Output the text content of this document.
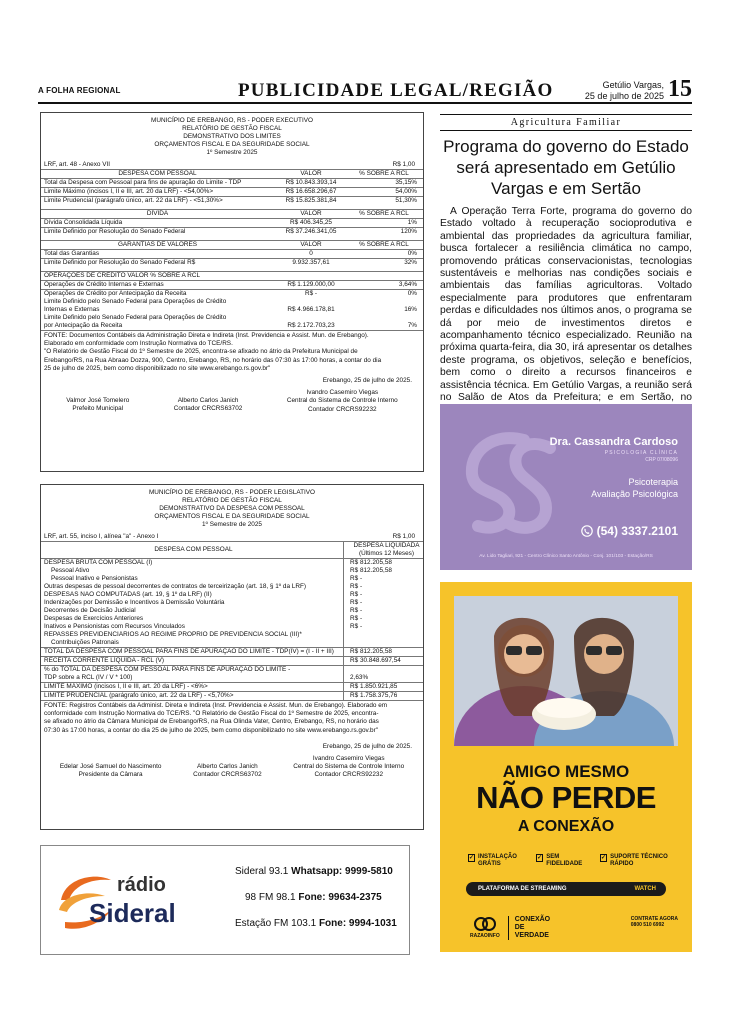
A FOLHA REGIONAL	PUBLICIDADE LEGAL/REGIÃO	Getúlio Vargas,
25 de julho de 2025 15
MUNICÍPIO DE EREBANGO, RS - PODER EXECUTIVO
RELATÓRIO DE GESTÃO FISCAL
DEMONSTRATIVO DOS LIMITES
ORÇAMENTOS FISCAL E DA SEGURIDADE SOCIAL
1º Semestre 2025
LRF, art. 48 - Anexo VII	R$ 1,00
DESPESA COM PESSOAL	VALOR	% SOBRE A RCL
Total da Despesa com Pessoal para fins de apuração do Limite - TDP	R$ 10.843.393,14	35,15%
Limite Máximo (incisos I, II e III, art. 20 da LRF) - <54,00%>	R$ 16.658.296,67	54,00%
Limite Prudencial (parágrafo único, art. 22 da LRF) - <51,30%>	R$ 15.825.381,84	51,30%
DÍVIDA	VALOR	% SOBRE A RCL
Dívida Consolidada Líquida	R$ 406.345,25	1%
Limite Definido por Resolução do Senado Federal	R$ 37.246.341,05	120%
GARANTIAS DE VALORES	VALOR	% SOBRE A RCL
Total das Garantias	0	0%
Limite Definido por Resolução do Senado Federal R$	9.932.357,61	32%
OPERAÇÕES DE CRÉDITO VALOR % SOBRE A RCL
Operações de Crédito Internas e Externas	R$ 1.129.000,00	3,64%
Operações de Crédito por Antecipação da Receita	R$ -	0%
Limite Definido pelo Senado Federal para Operações de Crédito
Internas e Externas	R$ 4.966.178,81	16%
Limite Definido pelo Senado Federal para Operações de Crédito
por Antecipação da Receita	R$ 2.172.703,23	7%
FONTE: Documentos Contábeis da Administração Direta e Indireta (Inst. Previdencia e Assist. Mun. de Erebango).
Elaborado em conformidade com Instrução Normativa do TCE/RS.
"O Relatório de Gestão Fiscal do 1º Semestre de 2025, encontra-se afixado no átrio da Prefeitura Municipal de
Erebango/RS, na Rua Abraao Dozza, 900, Centro, Erebango, RS, no horário das 07:30 às 17:00 horas, a contar do dia
25 de julho de 2025, bem como disponibilizado no site www.erebango.rs.gov.br"
Erebango, 25 de julho de 2025.
Valmor José Tomelero
Prefeito Municipal
Alberto Carlos Janich
Contador CRCRS63702
Ivandro Casemiro Viegas
Central do Sistema de Controle Interno
Contador CRCRS92232
MUNICÍPIO DE EREBANGO, RS - PODER LEGISLATIVO
RELATÓRIO DE GESTÃO FISCAL
DEMONSTRATIVO DA DESPESA COM PESSOAL
ORÇAMENTOS FISCAL E DA SEGURIDADE SOCIAL
1º Semestre de 2025
LRF, art. 55, inciso I, alínea "a" - Anexo I	R$ 1,00
DESPESA COM PESSOAL
DESPESA LIQUIDADA
(Últimos 12 Meses)
DESPESA BRUTA COM PESSOAL (I)	R$ 812.205,58
Pessoal Ativo	R$ 812.205,58
Pessoal Inativo e Pensionistas	R$ -
Outras despesas de pessoal decorrentes de contratos de terceirização (art. 18, § 1º da LRF)	R$ -
DESPESAS NÃO COMPUTADAS (art. 19, § 1º da LRF) (II)	R$ -
Indenizações por Demissão e Incentivos à Demissão Voluntária	R$ -
Decorrentes de Decisão Judicial	R$ -
Despesas de Exercícios Anteriores	R$ -
Inativos e Pensionistas com Recursos Vinculados	R$ -
REPASSES PREVIDENCIÁRIOS AO REGIME PRÓPRIO DE PREVIDÊNCIA SOCIAL (III)*
Contribuições Patronais
TOTAL DA DESPESA COM PESSOAL PARA FINS DE APURAÇÃO DO LIMITE - TDP(IV) = (I - II + III)	R$ 812.205,58
RECEITA CORRENTE LÍQUIDA - RCL (V)	R$ 30.848.697,54
% do TOTAL DA DESPESA COM PESSOAL PARA FINS DE APURAÇÃO DO LIMITE -
TDP sobre a RCL (IV / V * 100)	2,63%
LIMITE MÁXIMO (incisos I, II e III, art. 20 da LRF) - <6%>	R$ 1.850.921,85
LIMITE PRUDENCIAL (parágrafo único, art. 22 da LRF) - <5,70%>	R$ 1.758.375,76
FONTE: Registros Contábeis da Administ. Direta e Indireta (Inst. Previdencia e Assist. Mun. de Erebango). Elaborado em
conformidade com Instrução Normativa do TCE/RS. "O Relatório de Gestão Fiscal do 1º Semestre de 2025, encontra-
se afixado no átrio da Câmara Municipal de Erebango/RS, na Rua Olinda Vater, Centro, Erebango, RS, no horário das
07:30 às 17:00 horas, a contar do dia 25 de julho de 2025, bem como disponibilizado no site www.erebango.rs.gov.br"
Erebango, 25 de julho de 2025.
Edelar José Samuel do Nascimento
Presidente da Câmara
Alberto Carlos Janich
Contador CRCRS63702
Ivandro Casemiro Viegas
Central do Sistema de Controle Interno
Contador CRCRS92232
Agricultura Familiar
Programa do governo do Estado será apresentado em Getúlio Vargas e em Sertão
A Operação Terra Forte, programa do governo do Estado voltado à recuperação socioprodutiva e ambiental das propriedades da agricultura familiar, busca fortalecer a resiliência climática no campo, promovendo práticas conservacionistas, tecnologias sustentáveis e melhorias nas condições sociais e ambientais das famílias agricultoras. Voltado especialmente para produtores que enfrentaram perdas e dificuldades nos últimos anos, o programa se dá por meio de investimentos diretos e acompanhamento técnico especializado. Reunião na próxima quarta-feira, dia 30, irá apresentar os detalhes deste programa, os objetivos, seleção e benefícios, bem como o direito a recursos financeiros e assistência técnica. Em Getúlio Vargas, a reunião será no Salão de Atos da Prefeitura; e em Sertão, no
Dra. Cassandra Cardoso
PSICOLOGIA CLÍNICA
CRP 07/08096
Psicoterapia
Avaliação Psicológica
(54) 3337.2101
Av. Lido Tagliari, 921 - Centro Clínico Santo Antônio - Conj. 101/103 - Estação/RS
AMIGO MESMO
NÃO PERDE
A CONEXÃO
✓ INSTALAÇÃO GRÁTIS
✓ SEM FIDELIDADE
✓ SUPORTE TÉCNICO RÁPIDO
PLATAFORMA DE STREAMING	WATCH
RAZAOINFO
CONEXÃO DE VERDADE
CONTRATE AGORA
0800 510 6992
rádio
Sideral
Sideral 93.1 Whatsapp: 9999-5810
98 FM 98.1 Fone: 99634-2375
Estação FM 103.1 Fone: 9994-1031
